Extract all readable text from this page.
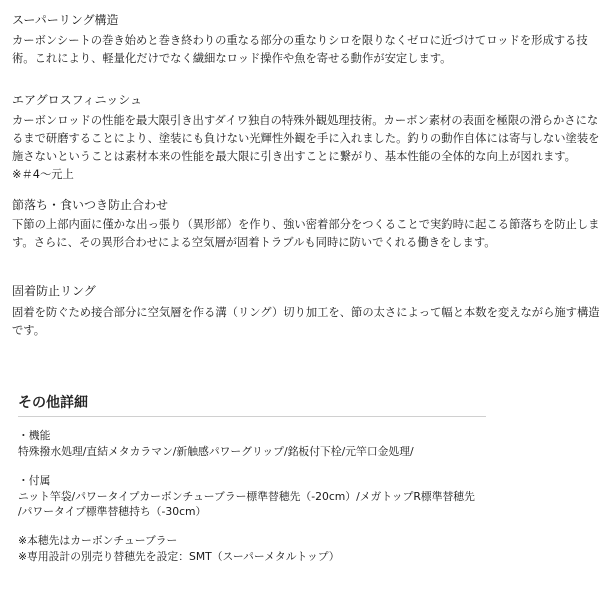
スーパーリング構造

カーボンシートの巻き始めと巻き終わりの重なる部分の重なりシロを限りなくゼロに近づけてロッドを形成する技

術。これにより、軽量化だけでなく繊細なロッド操作や魚を寄せる動作が安定します。

エアグロスフィニッシュ

カーボンロッドの性能を最大限引き出すダイワ独自の特殊外観処理技術。カーボン素材の表面を極限の滑らかさにな

るまで研磨することにより、塗装にも負けない光輝性外観を手に入れました。釣りの動作自体には寄与しない塗装を

施さないということは素材本来の性能を最大限に引き出すことに繋がり、基本性能の全体的な向上が図れます。

※＃4〜元上

節落ち・食いつき防止合わせ

下節の上部内面に僅かな出っ張り（異形部）を作り、強い密着部分をつくることで実釣時に起こる節落ちを防止しま

す。さらに、その異形合わせによる空気層が固着トラブルも同時に防いでくれる働きをします。

固着防止リング

固着を防ぐため接合部分に空気層を作る溝（リング）切り加工を、節の太さによって幅と本数を変えながら施す構造

です。

その他詳細

・機能

特殊撥水処理/直結メタカラマン/新触感パワーグリップ/銘板付下栓/元竿口金処理/

・付属

ニット竿袋/パワータイプカーボンチューブラー標準替穂先（-20cm）/メガトップR標準替穂先

/パワータイプ標準替穂持ち（-30cm）

※本穂先はカーボンチューブラー

※専用設計の別売り替穂先を設定：SMT（スーパーメタルトップ）
